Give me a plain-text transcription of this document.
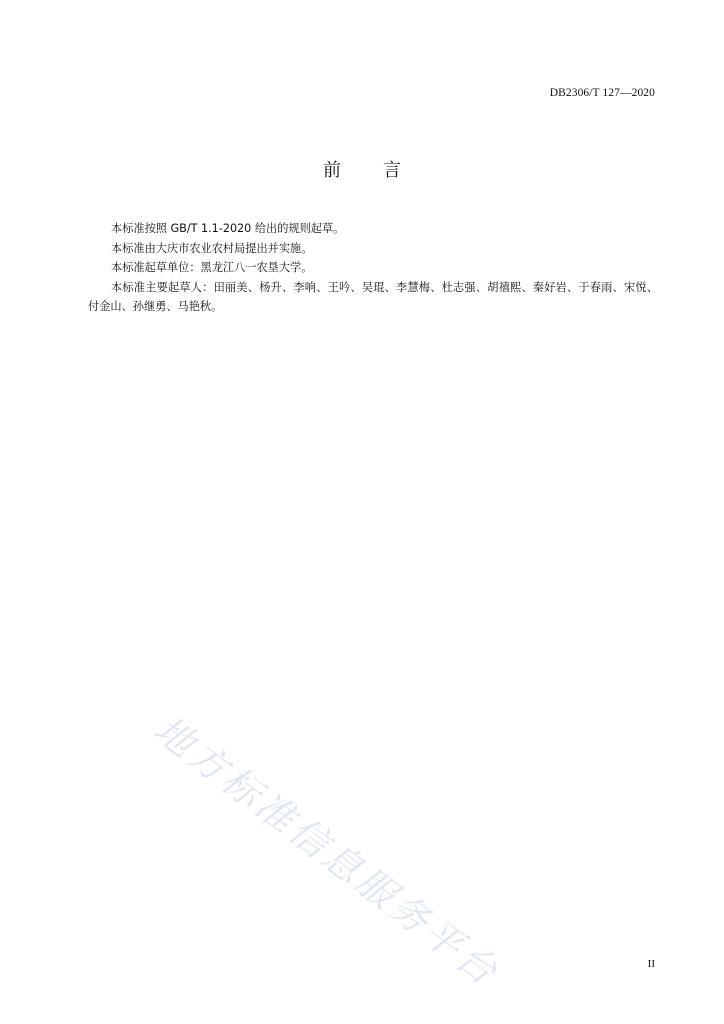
DB2306/T 127—2020
前 言

本标准按照 GB/T 1.1-2020 给出的规则起草。

本标准由大庆市农业农村局提出并实施。

本标准起草单位：黑龙江八一农垦大学。

本标准主要起草人：田丽美、杨升、李响、王吟、吴琨、李慧梅、杜志强、胡禧熙、秦好岩、于春雨、宋悦、付金山、孙继勇、马艳秋。

地方标准信息服务平台	II
